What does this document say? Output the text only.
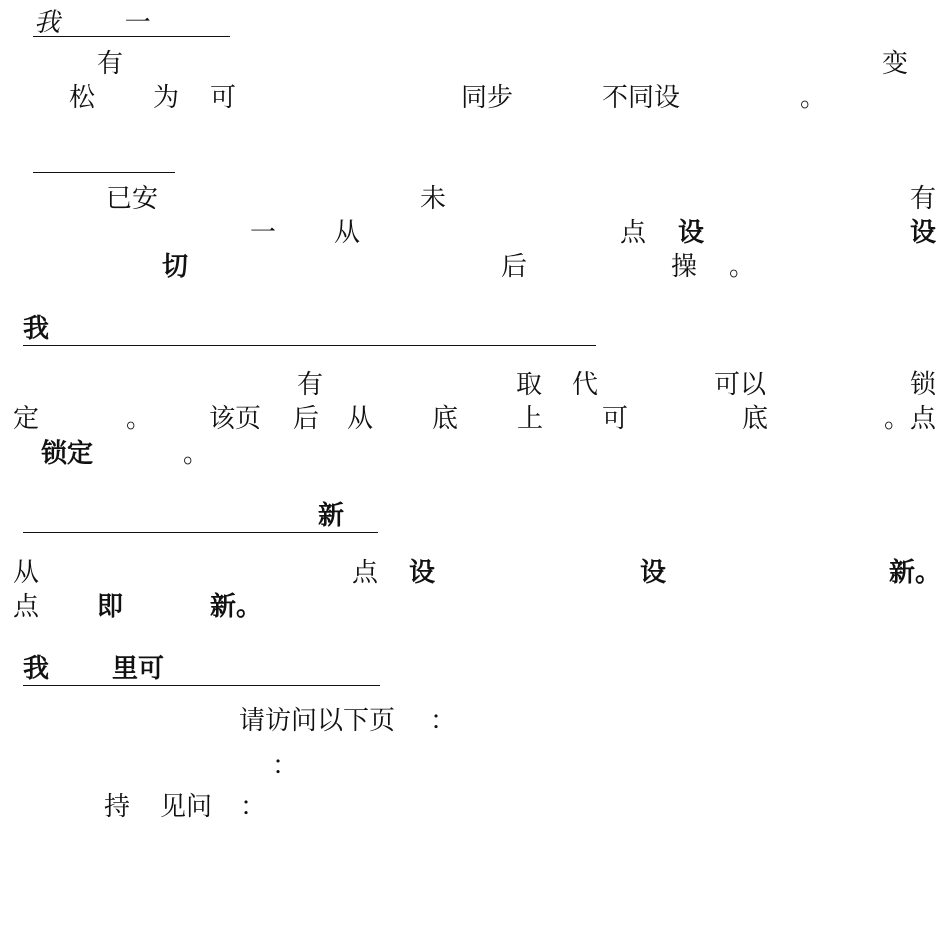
我 一
有	变
松 为 可	同步	不同设	。
已安	未	有
一 从	点 设	设
切	后	操 。
我
有	取 代	可以	锁
定	。 该页 后 从 底 上 可	底	。点
锁定	。
新
从	点 设	设	新。
点 即	新。
我 里可
请访问以下页 ：
：
持 见问 ：
